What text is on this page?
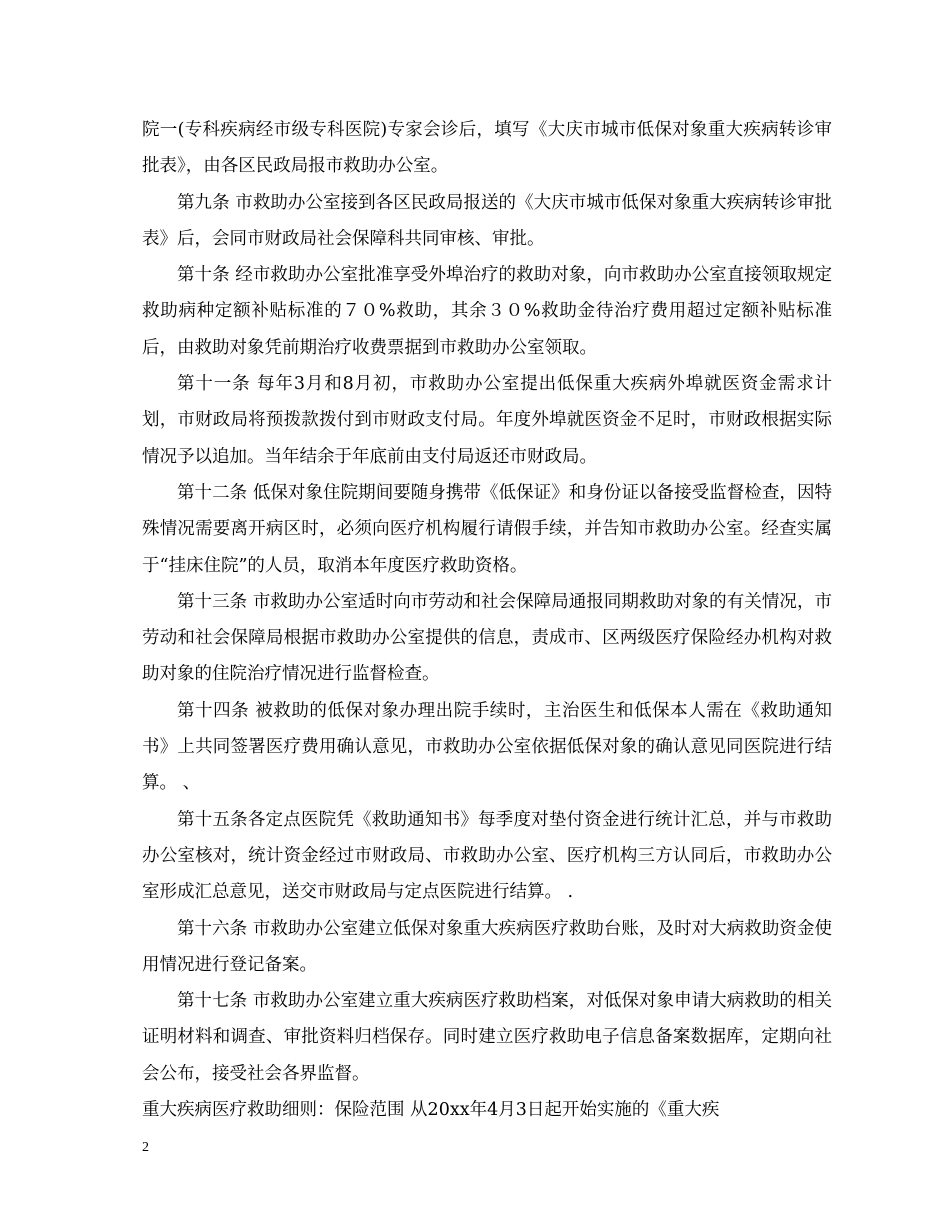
院一(专科疾病经市级专科医院)专家会诊后，填写《大庆市城市低保对象重大疾病转诊审批表》，由各区民政局报市救助办公室。

第九条 市救助办公室接到各区民政局报送的《大庆市城市低保对象重大疾病转诊审批表》后，会同市财政局社会保障科共同审核、审批。

第十条 经市救助办公室批准享受外埠治疗的救助对象，向市救助办公室直接领取规定救助病种定额补贴标准的７０%救助，其余３０%救助金待治疗费用超过定额补贴标准后，由救助对象凭前期治疗收费票据到市救助办公室领取。

第十一条 每年3月和8月初，市救助办公室提出低保重大疾病外埠就医资金需求计划，市财政局将预拨款拨付到市财政支付局。年度外埠就医资金不足时，市财政根据实际情况予以追加。当年结余于年底前由支付局返还市财政局。

第十二条 低保对象住院期间要随身携带《低保证》和身份证以备接受监督检查，因特殊情况需要离开病区时，必须向医疗机构履行请假手续，并告知市救助办公室。经查实属于“挂床住院”的人员，取消本年度医疗救助资格。

第十三条 市救助办公室适时向市劳动和社会保障局通报同期救助对象的有关情况，市劳动和社会保障局根据市救助办公室提供的信息，责成市、区两级医疗保险经办机构对救助对象的住院治疗情况进行监督检查。

第十四条 被救助的低保对象办理出院手续时，主治医生和低保本人需在《救助通知书》上共同签署医疗费用确认意见，市救助办公室依据低保对象的确认意见同医院进行结算。 、

第十五条各定点医院凭《救助通知书》每季度对垫付资金进行统计汇总，并与市救助办公室核对，统计资金经过市财政局、市救助办公室、医疗机构三方认同后，市救助办公室形成汇总意见，送交市财政局与定点医院进行结算。 .

第十六条 市救助办公室建立低保对象重大疾病医疗救助台账，及时对大病救助资金使用情况进行登记备案。

第十七条 市救助办公室建立重大疾病医疗救助档案，对低保对象申请大病救助的相关证明材料和调查、审批资料归档保存。同时建立医疗救助电子信息备案数据库，定期向社会公布，接受社会各界监督。

重大疾病医疗救助细则：保险范围 从20xx年4月3日起开始实施的《重大疾

2
